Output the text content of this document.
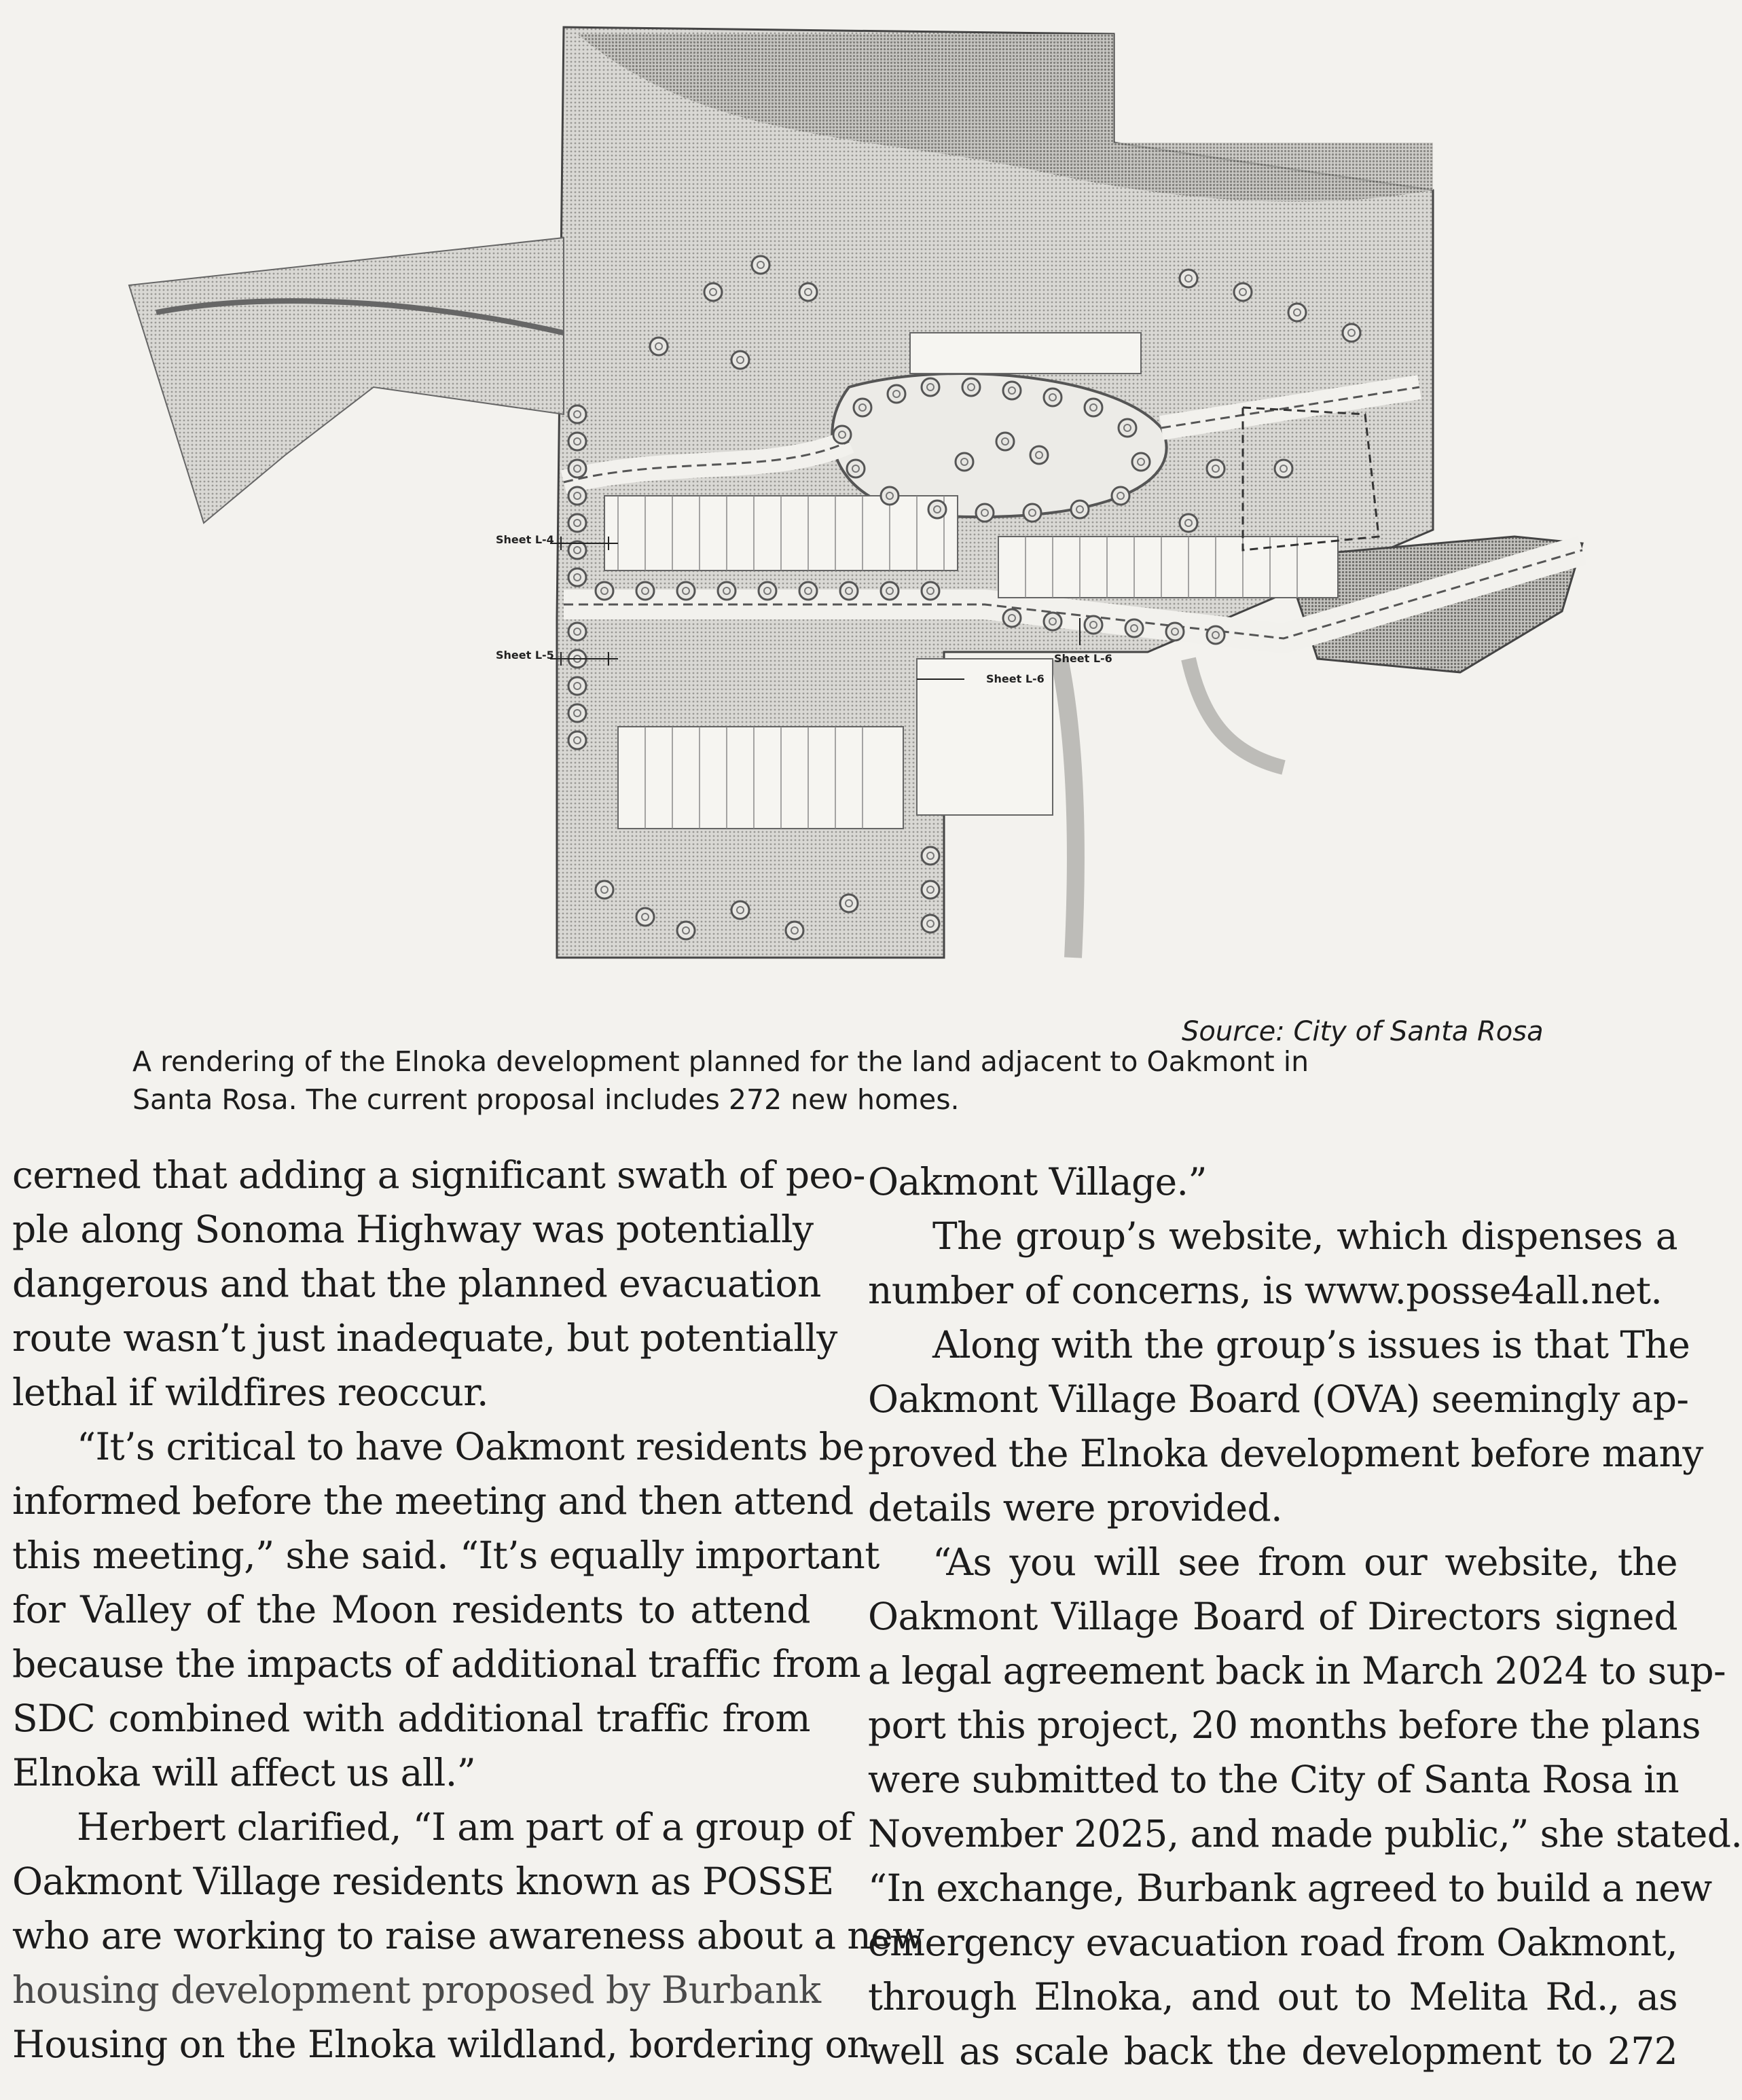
Sheet L-4
Sheet L-5
Sheet L-6
Sheet L-6
Source: City of Santa Rosa
A rendering of the Elnoka development planned for the land adjacent to Oakmont in
Santa Rosa. The current proposal includes 272 new homes.
cerned that adding a significant swath of peo-
ple along Sonoma Highway was potentially
dangerous and that the planned evacuation
route wasn’t just inadequate, but potentially
lethal if wildfires reoccur.
“It’s critical to have Oakmont residents be
informed before the meeting and then attend
this meeting,” she said. “It’s equally important
for Valley of the Moon residents to attend
because the impacts of additional traffic from
SDC combined with additional traffic from
Elnoka will affect us all.”
Herbert clarified, “I am part of a group of
Oakmont Village residents known as POSSE
who are working to raise awareness about a new
housing development proposed by Burbank
Housing on the Elnoka wildland, bordering on
Oakmont Village.”
The group’s website, which dispenses a
number of concerns, is www.posse4all.net.
Along with the group’s issues is that The
Oakmont Village Board (OVA) seemingly ap-
proved the Elnoka development before many
details were provided.
“As you will see from our website, the
Oakmont Village Board of Directors signed
a legal agreement back in March 2024 to sup-
port this project, 20 months before the plans
were submitted to the City of Santa Rosa in
November 2025, and made public,” she stated.
“In exchange, Burbank agreed to build a new
emergency evacuation road from Oakmont,
through Elnoka, and out to Melita Rd., as
well as scale back the development to 272
